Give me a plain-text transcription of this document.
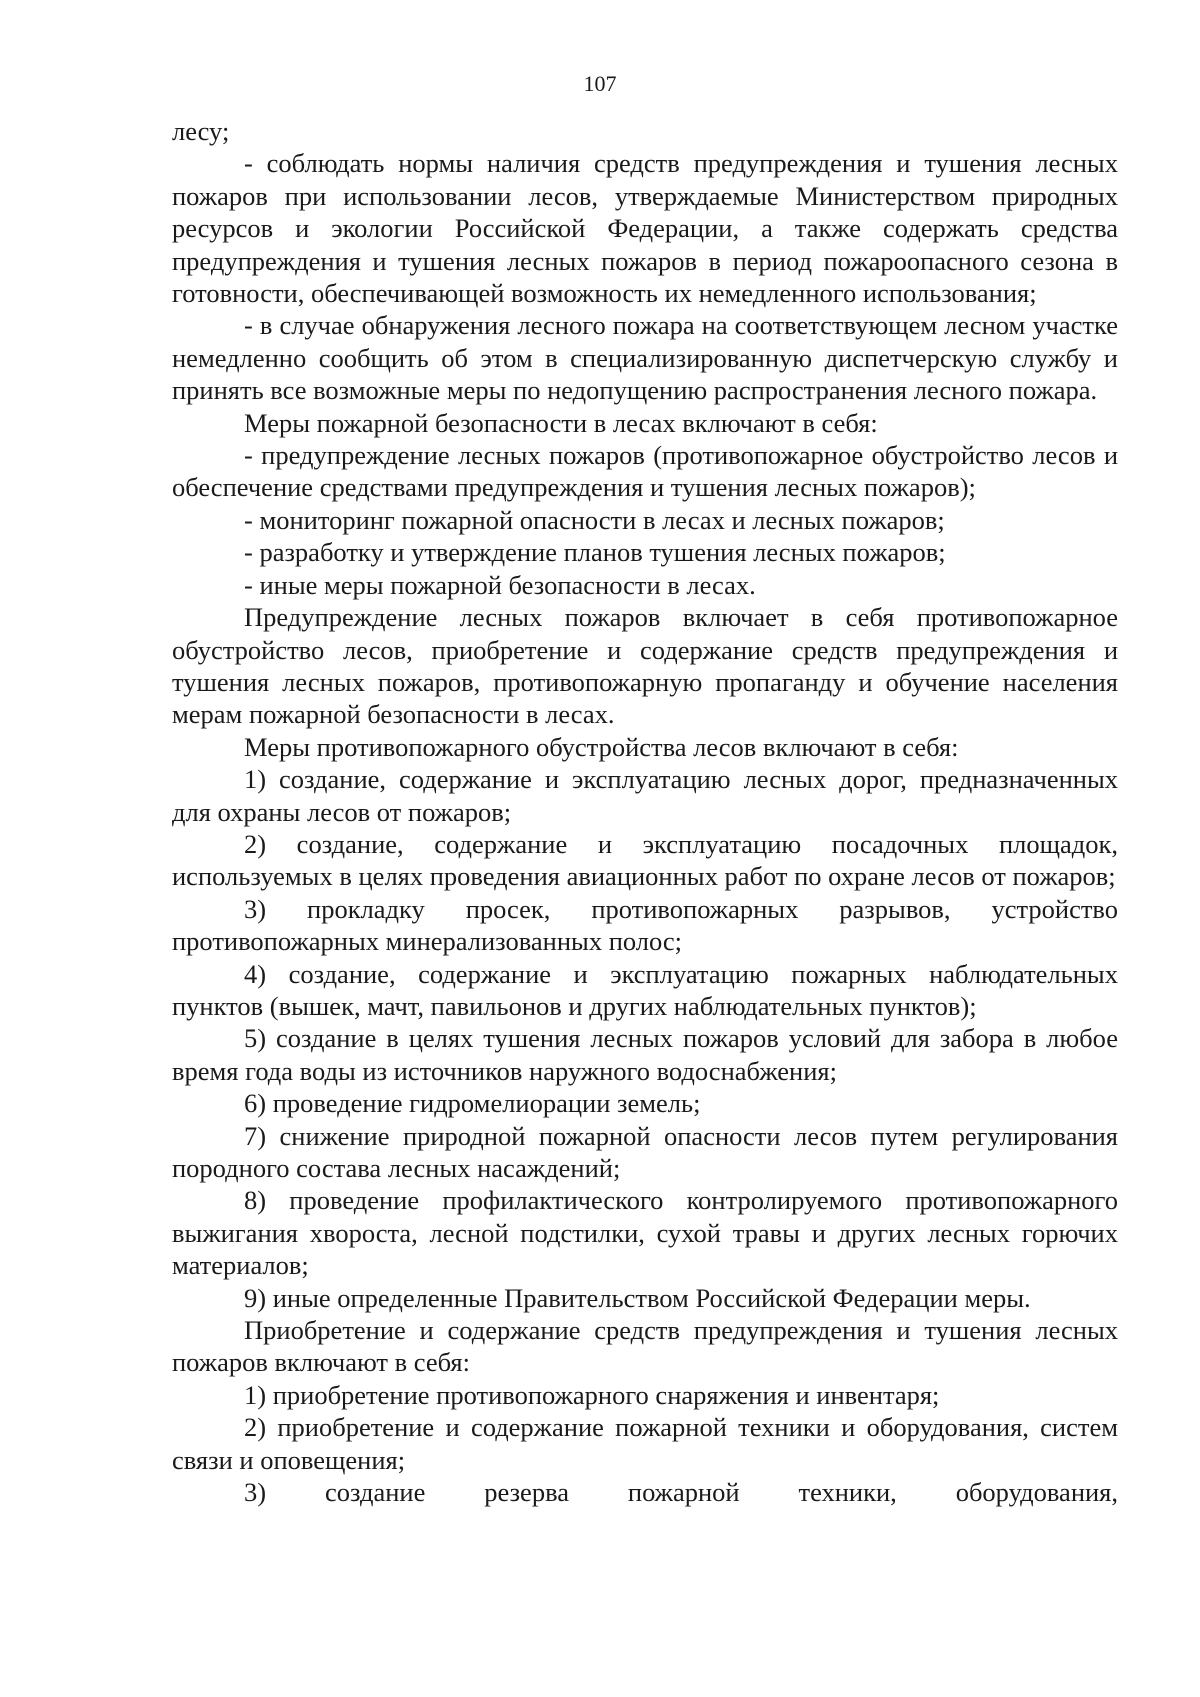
107

лесу;

- соблюдать нормы наличия средств предупреждения и тушения лесных пожаров при использовании лесов, утверждаемые Министерством природных ресурсов и экологии Российской Федерации, а также содержать средства предупреждения и тушения лесных пожаров в период пожароопасного сезона в готовности, обеспечивающей возможность их немедленного использования;

- в случае обнаружения лесного пожара на соответствующем лесном участке немедленно сообщить об этом в специализированную диспетчерскую службу и принять все возможные меры по недопущению распространения лесного пожара.

Меры пожарной безопасности в лесах включают в себя:

- предупреждение лесных пожаров (противопожарное обустройство лесов и обеспечение средствами предупреждения и тушения лесных пожаров);

- мониторинг пожарной опасности в лесах и лесных пожаров;

- разработку и утверждение планов тушения лесных пожаров;

- иные меры пожарной безопасности в лесах.

Предупреждение лесных пожаров включает в себя противопожарное обустройство лесов, приобретение и содержание средств предупреждения и тушения лесных пожаров, противопожарную пропаганду и обучение населения мерам пожарной безопасности в лесах.

Меры противопожарного обустройства лесов включают в себя:

1) создание, содержание и эксплуатацию лесных дорог, предназначенных для охраны лесов от пожаров;

2) создание, содержание и эксплуатацию посадочных площадок, используемых в целях проведения авиационных работ по охране лесов от пожаров;

3) прокладку просек, противопожарных разрывов, устройство противопожарных минерализованных полос;

4) создание, содержание и эксплуатацию пожарных наблюдательных пунктов (вышек, мачт, павильонов и других наблюдательных пунктов);

5) создание в целях тушения лесных пожаров условий для забора в любое время года воды из источников наружного водоснабжения;

6) проведение гидромелиорации земель;

7) снижение природной пожарной опасности лесов путем регулирования породного состава лесных насаждений;

8) проведение профилактического контролируемого противопожарного выжигания хвороста, лесной подстилки, сухой травы и других лесных горючих материалов;

9) иные определенные Правительством Российской Федерации меры.

Приобретение и содержание средств предупреждения и тушения лесных пожаров включают в себя:

1) приобретение противопожарного снаряжения и инвентаря;

2) приобретение и содержание пожарной техники и оборудования, систем связи и оповещения;

3) создание резерва пожарной техники, оборудования,
